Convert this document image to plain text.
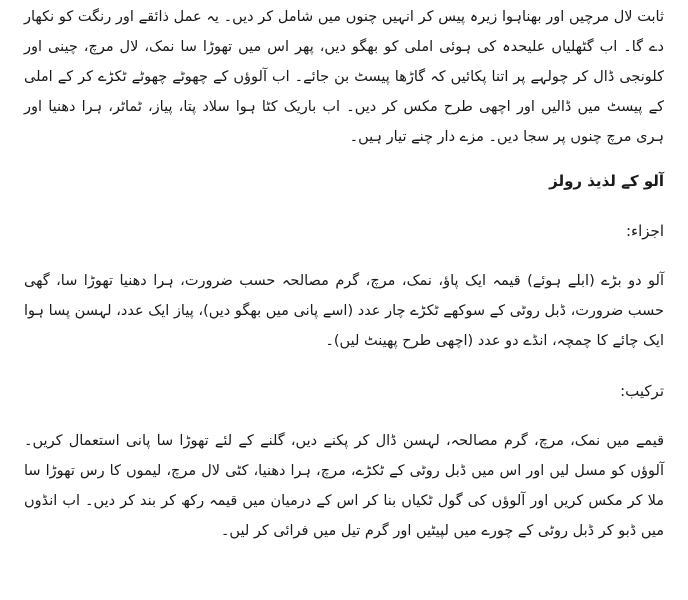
ثابت لال مرچیں اور بھناہوا زیرہ پیس کر انہیں چنوں میں شامل کر دیں۔ یہ عمل ذائقے اور رنگت کو نکھار دے گا۔ اب گٹھلیاں علیحدہ کی ہوئی املی کو بھگو دیں، پھر اس میں تھوڑا سا نمک، لال مرچ، چینی اور کلونجی ڈال کر چولہے پر اتنا پکائیں کہ گاڑھا پیسٹ بن جائے۔ اب آلوؤں کے چھوٹے چھوٹے ٹکڑے کر کے املی کے پیسٹ میں ڈالیں اور اچھی طرح مکس کر دیں۔ اب باریک کٹا ہوا سلاد پتا، پیاز، ٹماٹر، ہرا دھنیا اور ہری مرچ چنوں پر سجا دیں۔ مزے دار چنے تیار ہیں۔

آلو کے لذیذ رولز

اجزاء:

آلو دو بڑے (ابلے ہوئے) قیمہ ایک پاؤ، نمک، مرچ، گرم مصالحہ حسب ضرورت، ہرا دھنیا تھوڑا سا، گھی حسب ضرورت، ڈبل روٹی کے سوکھے ٹکڑے چار عدد (اسے پانی میں بھگو دیں)، پیاز ایک عدد، لہسن پسا ہوا ایک چائے کا چمچہ، انڈے دو عدد (اچھی طرح پھینٹ لیں)۔

ترکیب:

قیمے میں نمک، مرچ، گرم مصالحہ، لہسن ڈال کر پکنے دیں، گلنے کے لئے تھوڑا سا پانی استعمال کریں۔ آلوؤں کو مسل لیں اور اس میں ڈبل روٹی کے ٹکڑے، مرچ، ہرا دھنیا، کٹی لال مرچ، لیموں کا رس تھوڑا سا ملا کر مکس کریں اور آلوؤں کی گول ٹکیاں بنا کر اس کے درمیان میں قیمہ رکھ کر بند کر دیں۔ اب انڈوں میں ڈبو کر ڈبل روٹی کے چورے میں لپیٹیں اور گرم تیل میں فرائی کر لیں۔
